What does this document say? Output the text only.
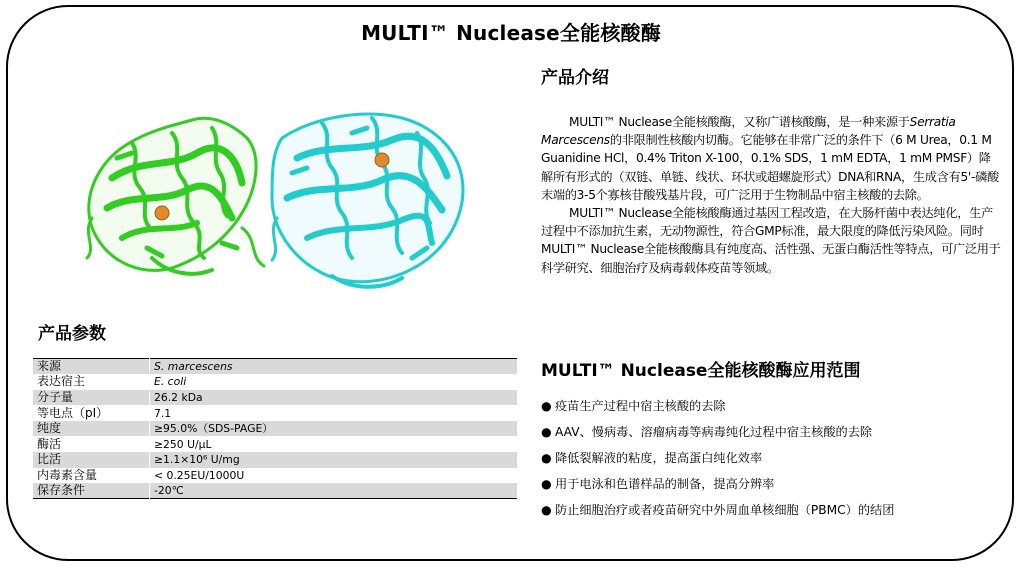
MULTI™ Nuclease全能核酸酶
产品介绍

MULTI™ Nuclease全能核酸酶，又称广谱核酸酶，是一种来源于Serratia Marcescens的非限制性核酸内切酶。它能够在非常广泛的条件下（6 M Urea，0.1 M Guanidine HCl，0.4% Triton X-100，0.1% SDS，1 mM EDTA，1 mM PMSF）降解所有形式的（双链、单链、线状、环状或超螺旋形式）DNA和RNA，生成含有5'-磷酸末端的3-5个寡核苷酸残基片段，可广泛用于生物制品中宿主核酸的去除。

MULTI™ Nuclease全能核酸酶通过基因工程改造，在大肠杆菌中表达纯化，生产过程中不添加抗生素，无动物源性，符合GMP标准，最大限度的降低污染风险。同时MULTI™ Nuclease全能核酸酶具有纯度高、活性强、无蛋白酶活性等特点，可广泛用于科学研究、细胞治疗及病毒载体疫苗等领域。

产品参数
来源	S. marcescens
表达宿主	E. coli
分子量	26.2 kDa
等电点（pI）	7.1
纯度	≥95.0%（SDS-PAGE）
酶活	≥250 U/μL
比活	≥1.1×10⁶ U/mg
内毒素含量	< 0.25EU/1000U
保存条件	-20℃
MULTI™ Nuclease全能核酸酶应用范围
● 疫苗生产过程中宿主核酸的去除
● AAV、慢病毒、溶瘤病毒等病毒纯化过程中宿主核酸的去除
● 降低裂解液的粘度，提高蛋白纯化效率
● 用于电泳和色谱样品的制备，提高分辨率
● 防止细胞治疗或者疫苗研究中外周血单核细胞（PBMC）的结团
